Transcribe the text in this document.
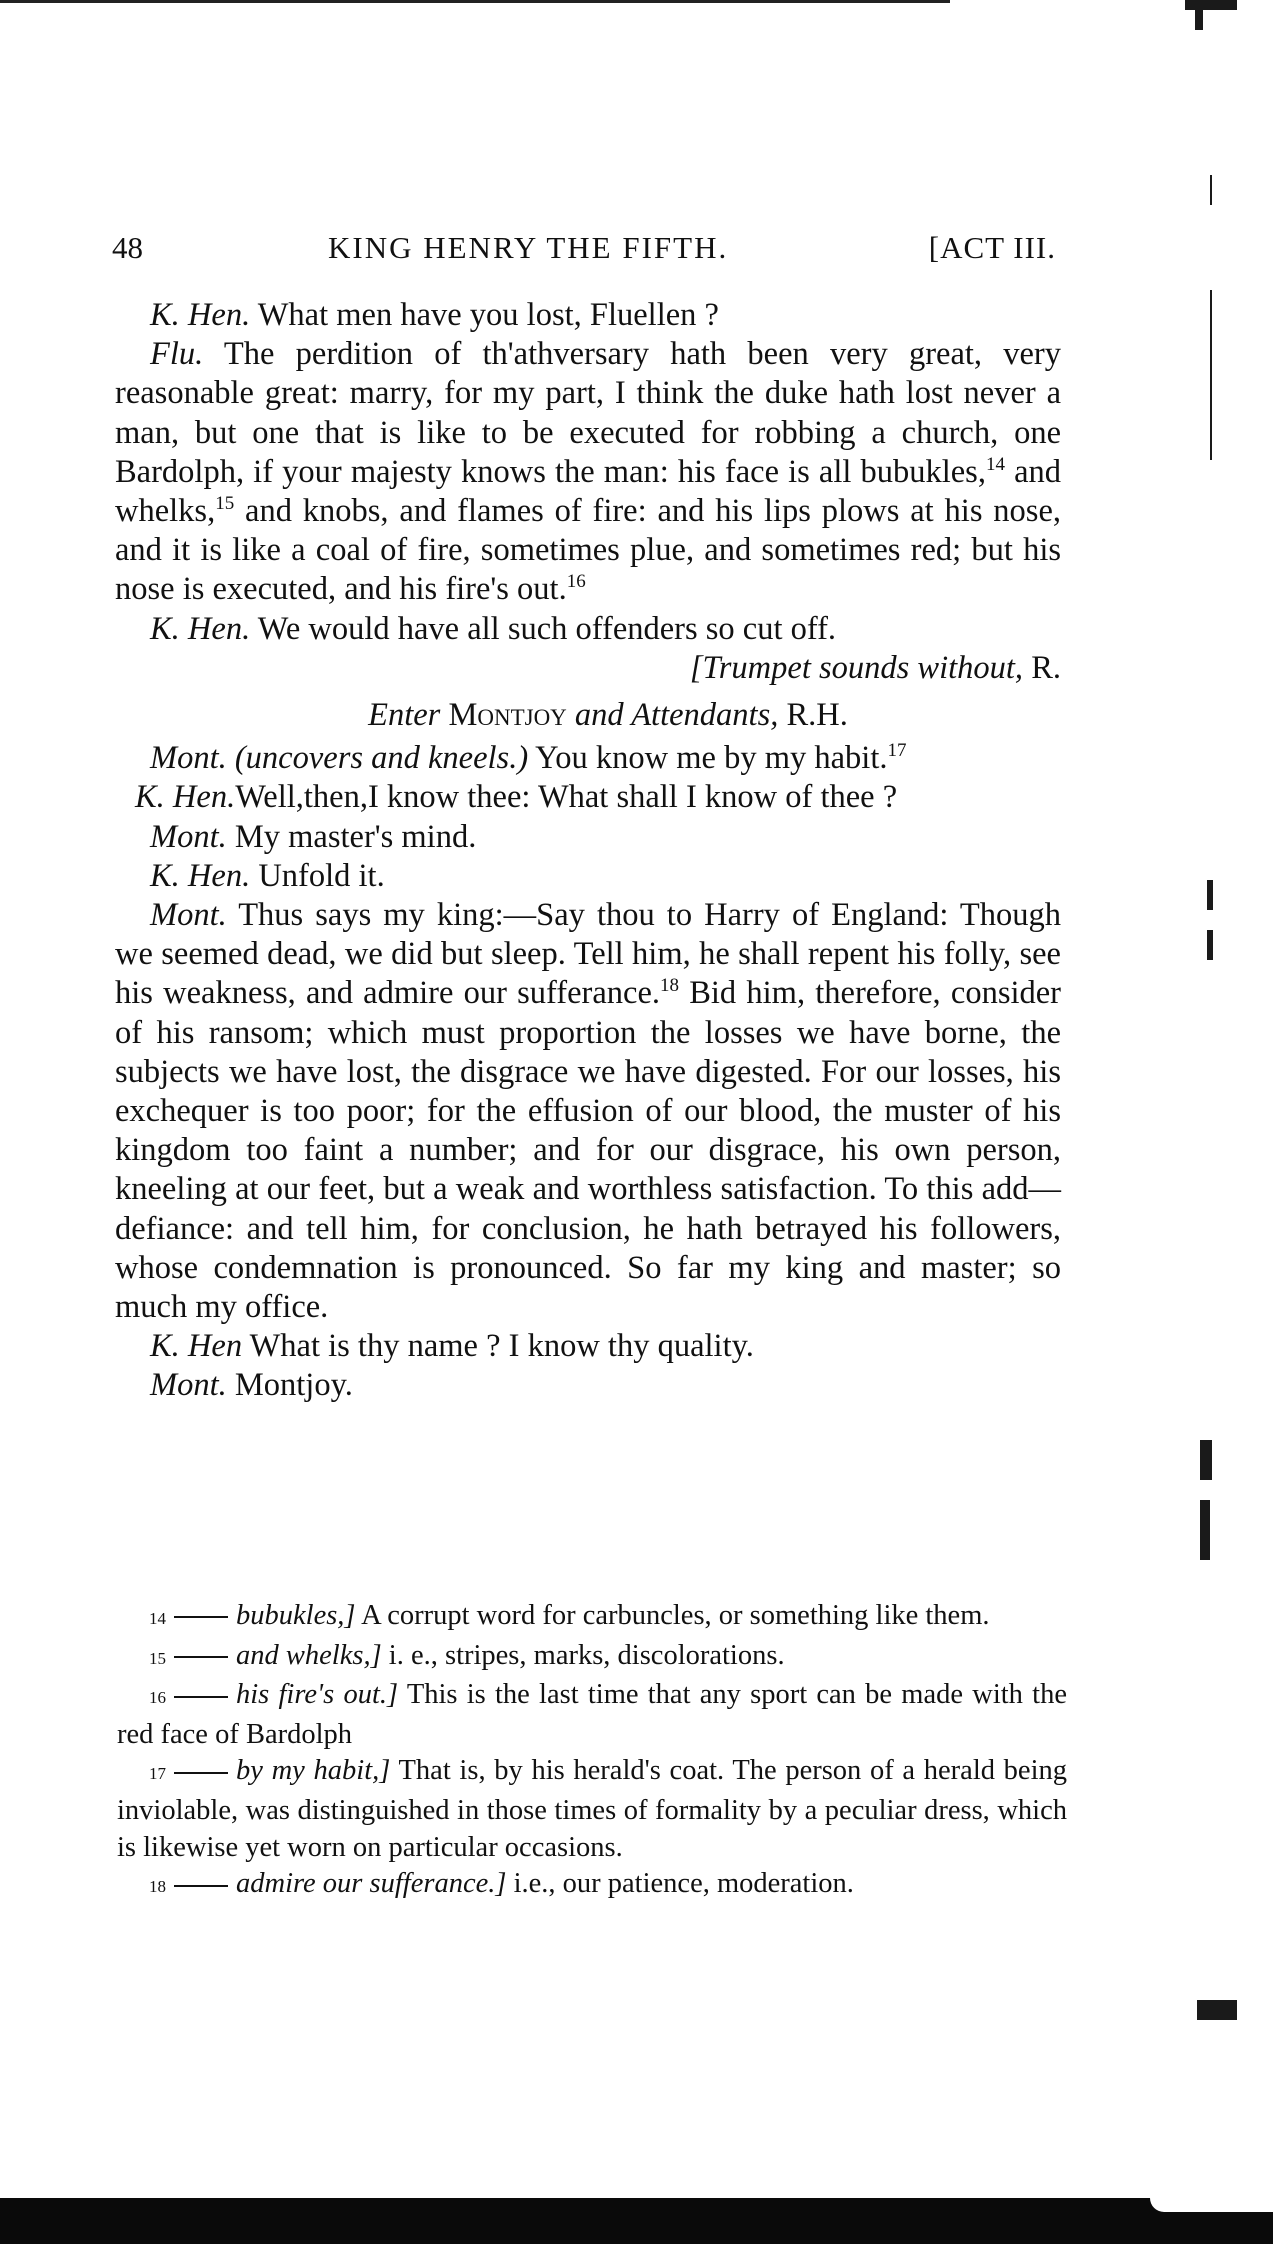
48	KING HENRY THE FIFTH.	[ACT III.

K. Hen. What men have you lost, Fluellen ?

Flu. The perdition of th'athversary hath been very great, very reasonable great: marry, for my part, I think the duke hath lost never a man, but one that is like to be executed for robbing a church, one Bardolph, if your majesty knows the man: his face is all bubukles,$^{14}$ and whelks,$^{15}$ and knobs, and flames of fire: and his lips plows at his nose, and it is like a coal of fire, sometimes plue, and sometimes red; but his nose is executed, and his fire's out.$^{16}$

K. Hen. We would have all such offenders so cut off.

[Trumpet sounds without, R.

Enter Montjoy and Attendants, R.H.

Mont. (uncovers and kneels.) You know me by my habit.$^{17}$

K. Hen.Well,then,I know thee: What shall I know of thee ?

Mont. My master's mind.

K. Hen. Unfold it.

Mont. Thus says my king:—Say thou to Harry of England: Though we seemed dead, we did but sleep. Tell him, he shall repent his folly, see his weakness, and admire our sufferance.$^{18}$ Bid him, therefore, consider of his ransom; which must proportion the losses we have borne, the subjects we have lost, the disgrace we have digested. For our losses, his exchequer is too poor; for the effusion of our blood, the muster of his kingdom too faint a number; and for our disgrace, his own person, kneeling at our feet, but a weak and worthless satisfaction. To this add—defiance: and tell him, for conclusion, he hath betrayed his followers, whose condemnation is pronounced. So far my king and master; so much my office.

K. Hen What is thy name ? I know thy quality.

Mont. Montjoy.

14 bubukles,] A corrupt word for carbuncles, or something like them.

15 and whelks,] i. e., stripes, marks, discolorations.

16 his fire's out.] This is the last time that any sport can be made with the red face of Bardolph

17 by my habit,] That is, by his herald's coat. The person of a herald being inviolable, was distinguished in those times of formality by a peculiar dress, which is likewise yet worn on particular occasions.

18 admire our sufferance.] i.e., our patience, moderation.
